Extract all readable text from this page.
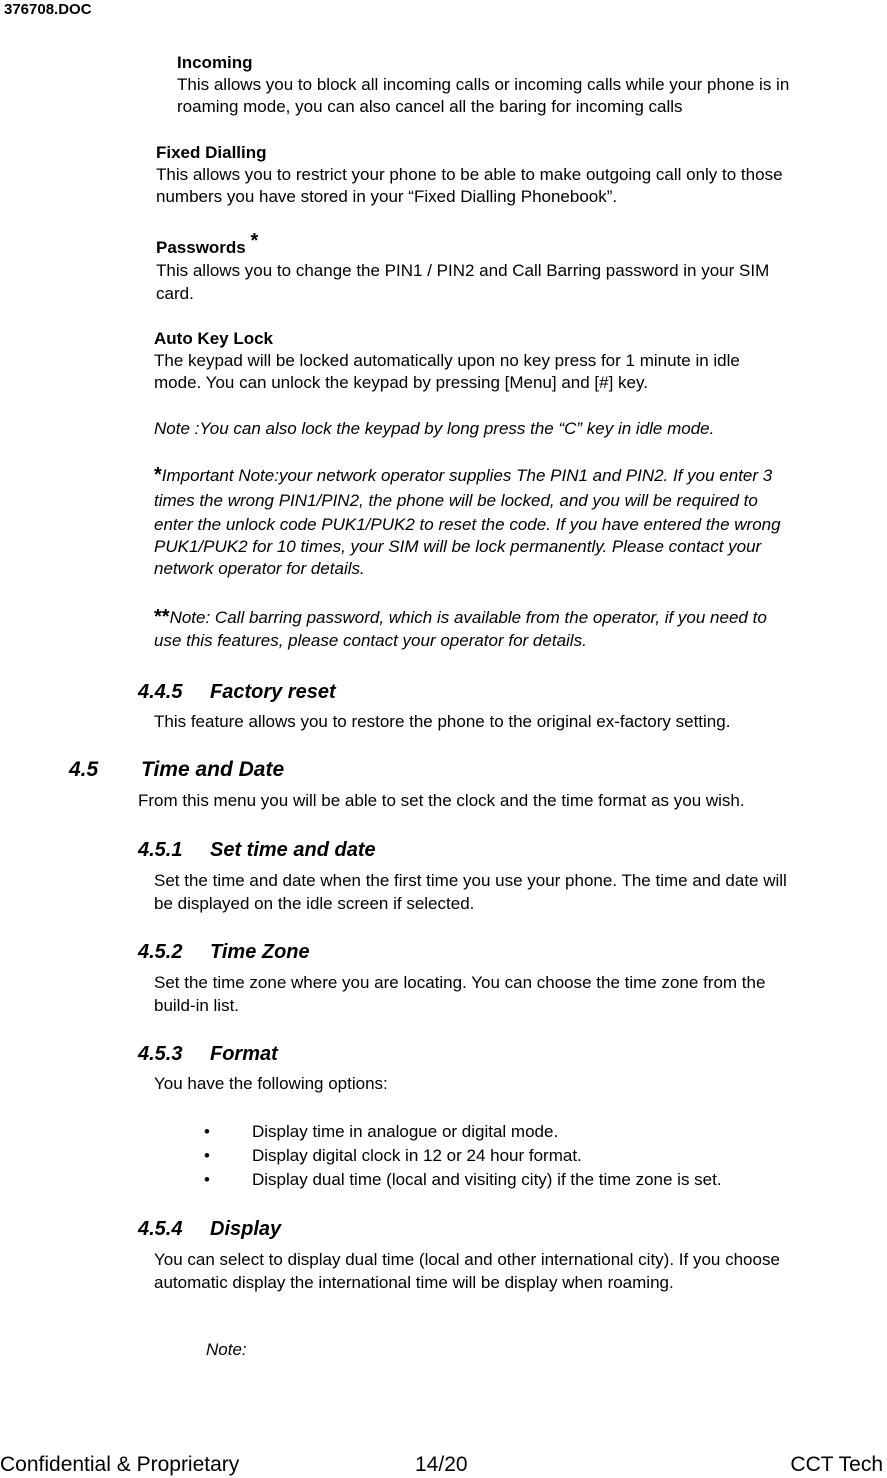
376708.DOC
Incoming
This allows you to block all incoming calls or incoming calls while your phone is in
roaming mode, you can also cancel all the baring for incoming calls
Fixed Dialling
This allows you to restrict your phone to be able to make outgoing call only to those
numbers you have stored in your “Fixed Dialling Phonebook”.
Passwords *
This allows you to change the PIN1 / PIN2 and Call Barring password in your SIM
card.
Auto Key Lock
The keypad will be locked automatically upon no key press for 1 minute in idle
mode. You can unlock the keypad by pressing [Menu] and [#] key.
Note :You can also lock the keypad by long press the “C” key in idle mode.
*Important Note:your network operator supplies The PIN1 and PIN2. If you enter 3
times the wrong PIN1/PIN2, the phone will be locked, and you will be required to
enter the unlock code PUK1/PUK2 to reset the code. If you have entered the wrong
PUK1/PUK2 for 10 times, your SIM will be lock permanently. Please contact your
network operator for details.
**Note: Call barring password, which is available from the operator, if you need to
use this features, please contact your operator for details.
4.4.5 Factory reset
This feature allows you to restore the phone to the original ex-factory setting.
4.5 Time and Date
From this menu you will be able to set the clock and the time format as you wish.
4.5.1 Set time and date
Set the time and date when the first time you use your phone. The time and date will
be displayed on the idle screen if selected.
4.5.2 Time Zone
Set the time zone where you are locating. You can choose the time zone from the
build-in list.
4.5.3 Format
You have the following options:
• Display time in analogue or digital mode.
• Display digital clock in 12 or 24 hour format.
• Display dual time (local and visiting city) if the time zone is set.
4.5.4 Display
You can select to display dual time (local and other international city). If you choose
automatic display the international time will be display when roaming.
Note:
Confidential & Proprietary	14/20	CCT Tech
